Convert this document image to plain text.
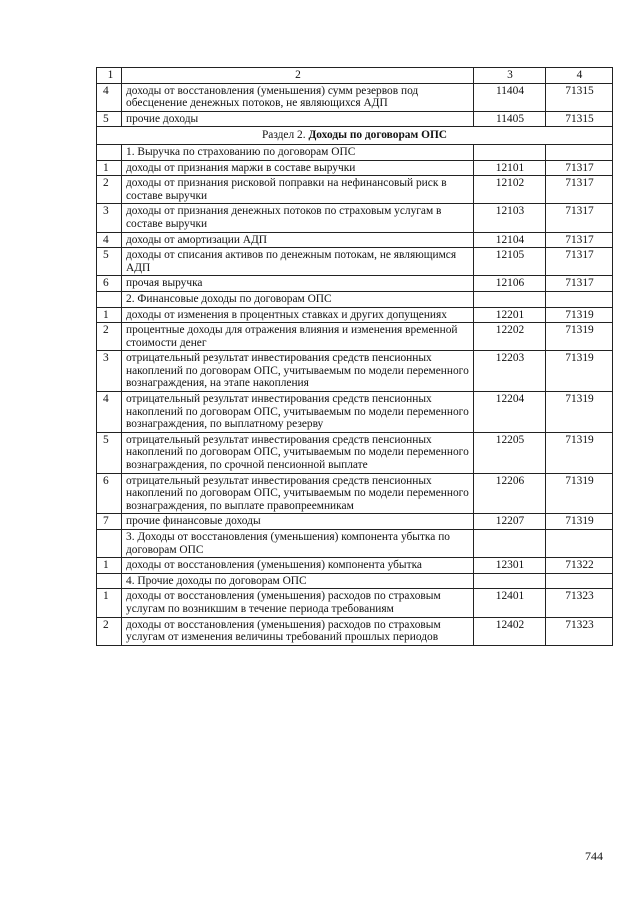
1	2	3	4
4	доходы от восстановления (уменьшения) сумм резервов под обесценение денежных потоков, не являющихся АДП	11404	71315
5	прочие доходы	11405	71315
Раздел 2. Доходы по договорам ОПС			
	1. Выручка по страхованию по договорам ОПС		
1	доходы от признания маржи в составе выручки	12101	71317
2	доходы от признания рисковой поправки на нефинансовый риск в составе выручки	12102	71317
3	доходы от признания денежных потоков по страховым услугам в составе выручки	12103	71317
4	доходы от амортизации АДП	12104	71317
5	доходы от списания активов по денежным потокам, не являющимся АДП	12105	71317
6	прочая выручка	12106	71317
	2. Финансовые доходы по договорам ОПС		
1	доходы от изменения в процентных ставках и других допущениях	12201	71319
2	процентные доходы для отражения влияния и изменения временной стоимости денег	12202	71319
3	отрицательный результат инвестирования средств пенсионных накоплений по договорам ОПС, учитываемым по модели переменного вознаграждения, на этапе накопления	12203	71319
4	отрицательный результат инвестирования средств пенсионных накоплений по договорам ОПС, учитываемым по модели переменного вознаграждения, по выплатному резерву	12204	71319
5	отрицательный результат инвестирования средств пенсионных накоплений по договорам ОПС, учитываемым по модели переменного вознаграждения, по срочной пенсионной выплате	12205	71319
6	отрицательный результат инвестирования средств пенсионных накоплений по договорам ОПС, учитываемым по модели переменного вознаграждения, по выплате правопреемникам	12206	71319
7	прочие финансовые доходы	12207	71319
	3. Доходы от восстановления (уменьшения) компонента убытка по договорам ОПС		
1	доходы от восстановления (уменьшения) компонента убытка	12301	71322
	4. Прочие доходы по договорам ОПС		
1	доходы от восстановления (уменьшения) расходов по страховым услугам по возникшим в течение периода требованиям	12401	71323
2	доходы от восстановления (уменьшения) расходов по страховым услугам от изменения величины требований прошлых периодов	12402	71323
744
